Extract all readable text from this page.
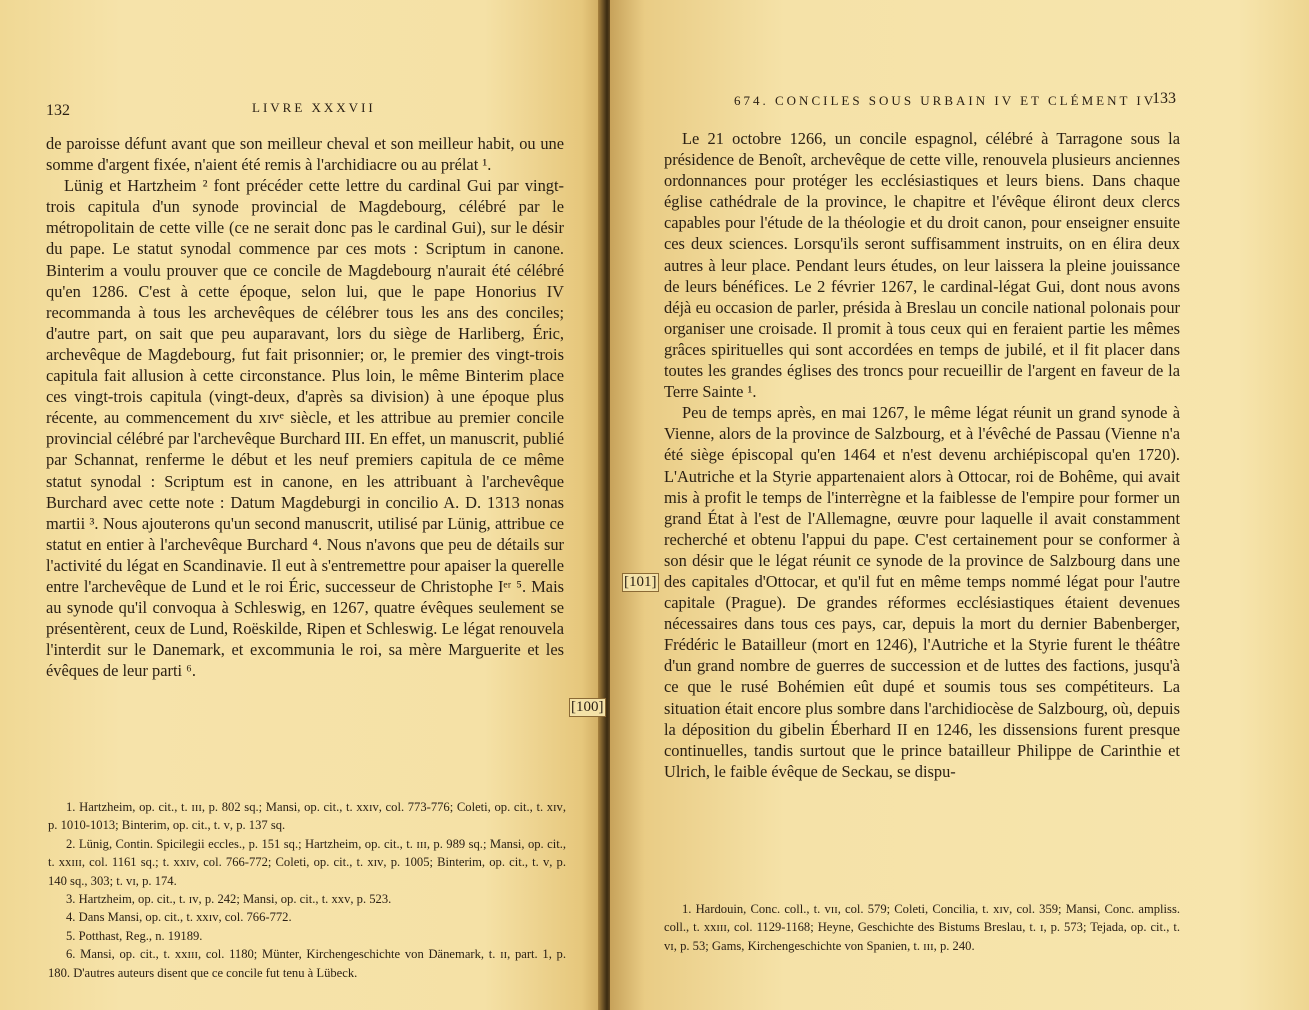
132	LIVRE XXXVII

de paroisse défunt avant que son meilleur cheval et son meilleur habit, ou une somme d'argent fixée, n'aient été remis à l'archidiacre ou au prélat ¹.

Lünig et Hartzheim ² font précéder cette lettre du cardinal Gui par vingt-trois capitula d'un synode provincial de Magdebourg, célébré par le métropolitain de cette ville (ce ne serait donc pas le cardinal Gui), sur le désir du pape. Le statut synodal commence par ces mots : Scriptum in canone. Binterim a voulu prouver que ce concile de Magdebourg n'aurait été célébré qu'en 1286. C'est à cette époque, selon lui, que le pape Honorius IV recommanda à tous les archevêques de célébrer tous les ans des conciles; d'autre part, on sait que peu auparavant, lors du siège de Harliberg, Éric, archevêque de Magdebourg, fut fait prisonnier; or, le premier des vingt-trois capitula fait allusion à cette circonstance. Plus loin, le même Binterim place ces vingt-trois capitula (vingt-deux, d'après sa division) à une époque plus récente, au commencement du xɪᴠᵉ siècle, et les attribue au premier concile provincial célébré par l'archevêque Burchard III. En effet, un manuscrit, publié par Schannat, renferme le début et les neuf premiers capitula de ce même statut synodal : Scriptum est in canone, en les attribuant à l'archevêque Burchard avec cette note : Datum Magdeburgi in concilio A. D. 1313 nonas martii ³. Nous ajouterons qu'un second manuscrit, utilisé par Lünig, attribue ce statut en entier à l'archevêque Burchard ⁴. Nous n'avons que peu de détails sur l'activité du légat en Scandinavie. Il eut à s'entremettre pour apaiser la querelle entre l'archevêque de Lund et le roi Éric, successeur de Christophe Iᵉʳ ⁵. Mais au synode qu'il convoqua à Schleswig, en 1267, quatre évêques seulement se présentèrent, ceux de Lund, Roëskilde, Ripen et Schleswig. Le légat renouvela l'interdit sur le Danemark, et excommunia le roi, sa mère Marguerite et les évêques de leur parti ⁶.

1. Hartzheim, op. cit., t. ɪɪɪ, p. 802 sq.; Mansi, op. cit., t. xxɪᴠ, col. 773-776; Coleti, op. cit., t. xɪᴠ, p. 1010-1013; Binterim, op. cit., t. ᴠ, p. 137 sq.
2. Lünig, Contin. Spicilegii eccles., p. 151 sq.; Hartzheim, op. cit., t. ɪɪɪ, p. 989 sq.; Mansi, op. cit., t. xxɪɪɪ, col. 1161 sq.; t. xxɪᴠ, col. 766-772; Coleti, op. cit., t. xɪᴠ, p. 1005; Binterim, op. cit., t. ᴠ, p. 140 sq., 303; t. ᴠɪ, p. 174.
3. Hartzheim, op. cit., t. ɪᴠ, p. 242; Mansi, op. cit., t. xxᴠ, p. 523.
4. Dans Mansi, op. cit., t. xxɪᴠ, col. 766-772.
5. Potthast, Reg., n. 19189.
6. Mansi, op. cit., t. xxɪɪɪ, col. 1180; Münter, Kirchengeschichte von Dänemark, t. ɪɪ, part. 1, p. 180. D'autres auteurs disent que ce concile fut tenu à Lübeck.
674. CONCILES SOUS URBAIN IV ET CLÉMENT IV
133

Le 21 octobre 1266, un concile espagnol, célébré à Tarragone sous la présidence de Benoît, archevêque de cette ville, renouvela plusieurs anciennes ordonnances pour protéger les ecclésiastiques et leurs biens. Dans chaque église cathédrale de la province, le chapitre et l'évêque éliront deux clercs capables pour l'étude de la théologie et du droit canon, pour enseigner ensuite ces deux sciences. Lorsqu'ils seront suffisamment instruits, on en élira deux autres à leur place. Pendant leurs études, on leur laissera la pleine jouissance de leurs bénéfices. Le 2 février 1267, le cardinal-légat Gui, dont nous avons déjà eu occasion de parler, présida à Breslau un concile national polonais pour organiser une croisade. Il promit à tous ceux qui en feraient partie les mêmes grâces spirituelles qui sont accordées en temps de jubilé, et il fit placer dans toutes les grandes églises des troncs pour recueillir de l'argent en faveur de la Terre Sainte ¹.

Peu de temps après, en mai 1267, le même légat réunit un grand synode à Vienne, alors de la province de Salzbourg, et à l'évêché de Passau (Vienne n'a été siège épiscopal qu'en 1464 et n'est devenu archiépiscopal qu'en 1720). L'Autriche et la Styrie appartenaient alors à Ottocar, roi de Bohême, qui avait mis à profit le temps de l'interrègne et la faiblesse de l'empire pour former un grand État à l'est de l'Allemagne, œuvre pour laquelle il avait constamment recherché et obtenu l'appui du pape. C'est certainement pour se conformer à son désir que le légat réunit ce synode de la province de Salzbourg dans une des capitales d'Ottocar, et qu'il fut en même temps nommé légat pour l'autre capitale (Prague). De grandes réformes ecclésiastiques étaient devenues nécessaires dans tous ces pays, car, depuis la mort du dernier Babenberger, Frédéric le Batailleur (mort en 1246), l'Autriche et la Styrie furent le théâtre d'un grand nombre de guerres de succession et de luttes des factions, jusqu'à ce que le rusé Bohémien eût dupé et soumis tous ses compétiteurs. La situation était encore plus sombre dans l'archidiocèse de Salzbourg, où, depuis la déposition du gibelin Éberhard II en 1246, les dissensions furent presque continuelles, tandis surtout que le prince batailleur Philippe de Carinthie et Ulrich, le faible évêque de Seckau, se dispu-

1. Hardouin, Conc. coll., t. ᴠɪɪ, col. 579; Coleti, Concilia, t. xɪᴠ, col. 359; Mansi, Conc. ampliss. coll., t. xxɪɪɪ, col. 1129-1168; Heyne, Geschichte des Bistums Breslau, t. ɪ, p. 573; Tejada, op. cit., t. ᴠɪ, p. 53; Gams, Kirchengeschichte von Spanien, t. ɪɪɪ, p. 240.
[100]
[101]
